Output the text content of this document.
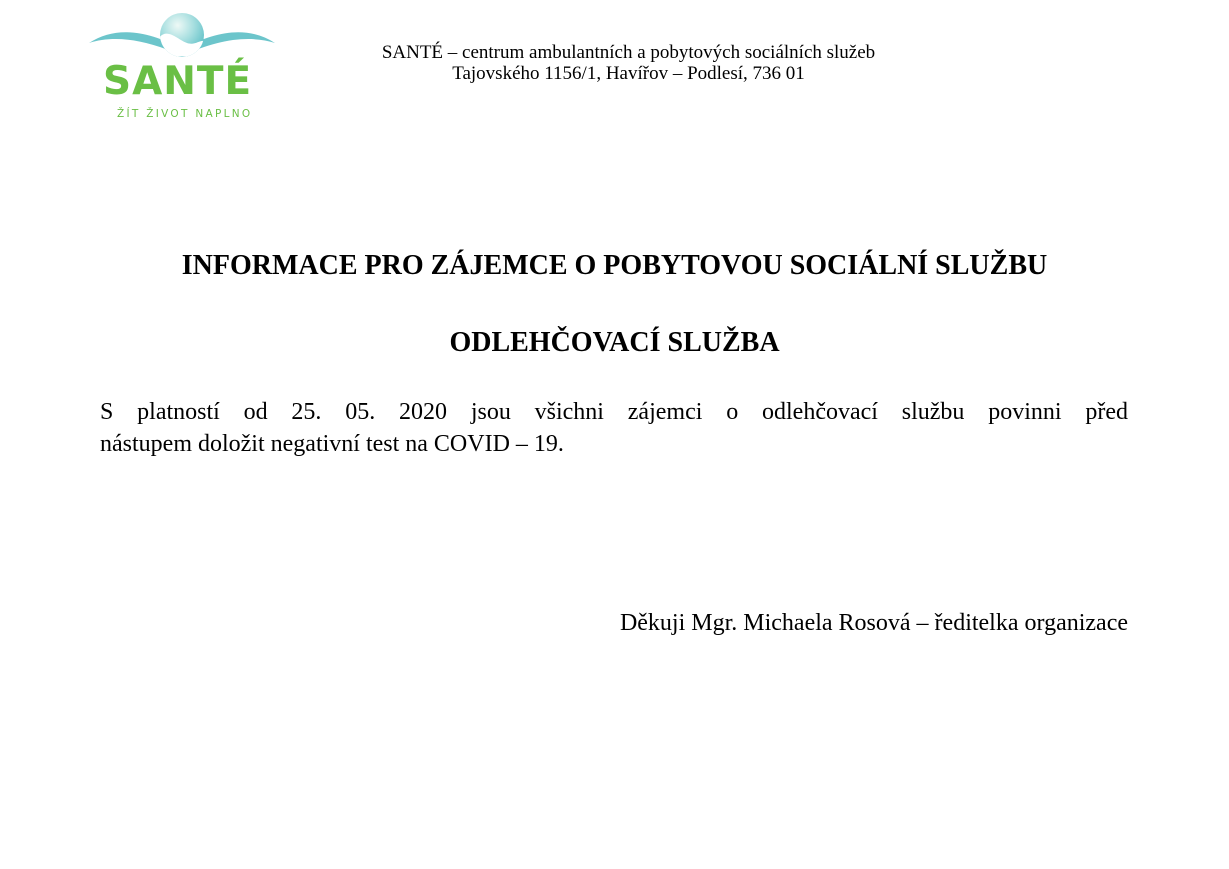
SANTÉ
ŽÍT ŽIVOT NAPLNO
SANTÉ – centrum ambulantních a pobytových sociálních služeb
Tajovského 1156/1, Havířov – Podlesí, 736 01
INFORMACE PRO ZÁJEMCE O POBYTOVOU SOCIÁLNÍ SLUŽBU
ODLEHČOVACÍ SLUŽBA

S platností od 25. 05. 2020 jsou všichni zájemci o odlehčovací službu povinni před
nástupem doložit negativní test na COVID – 19.

Děkuji Mgr. Michaela Rosová – ředitelka organizace
